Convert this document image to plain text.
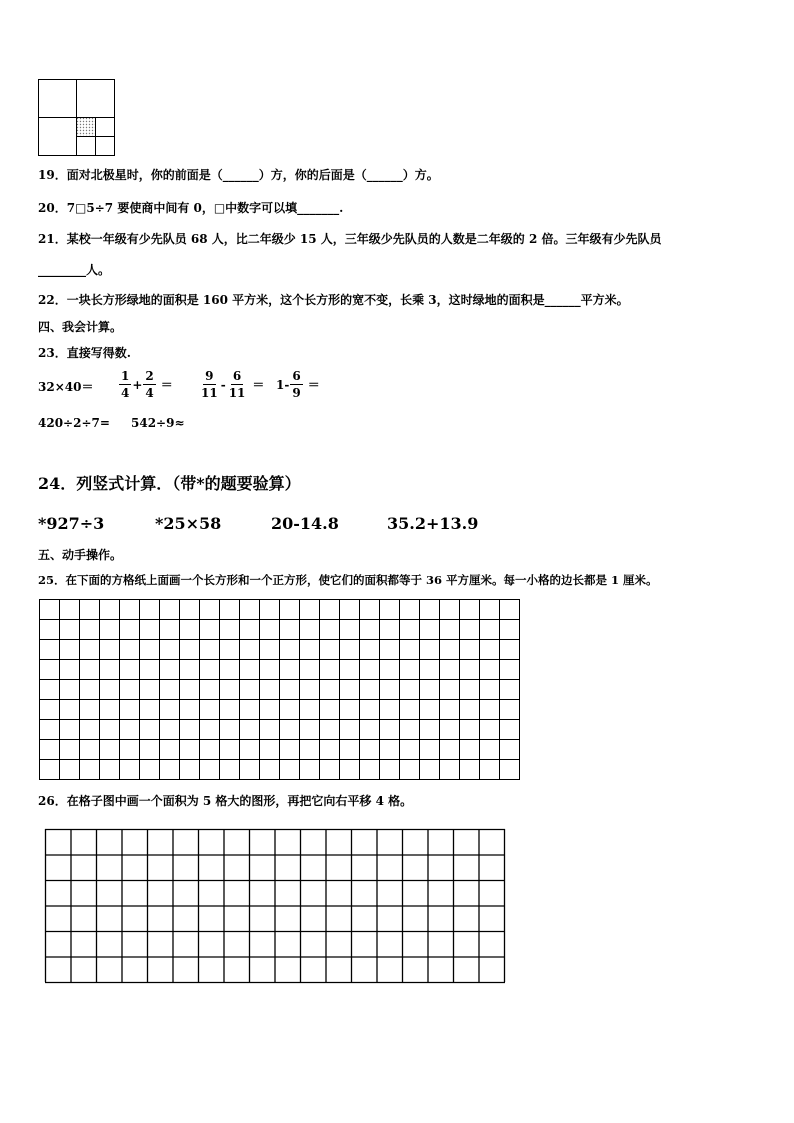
19．面对北极星时，你的前面是（______）方，你的后面是（______）方。
20．7□5÷7 要使商中间有 0，□中数字可以填_______.
21．某校一年级有少先队员 68 人，比二年级少 15 人，三年级少先队员的人数是二年级的 2 倍。三年级有少先队员
________人。
22．一块长方形绿地的面积是 160 平方米，这个长方形的宽不变，长乘 3，这时绿地的面积是______平方米。
四、我会计算。
23．直接写得数.
$32\times 40= \frac{1}{4} + \frac{2}{4} = \frac{9}{11} - \frac{6}{11} = 1- \frac{6}{9}$ ＝
420÷2÷7= 542÷9≈
24．列竖式计算．（带*的题要验算）
*927÷3	*25×58	20-14.8	35.2+13.9
五、动手操作。
25．在下面的方格纸上面画一个长方形和一个正方形，使它们的面积都等于 36 平方厘米。每一小格的边长都是 1 厘米。
26．在格子图中画一个面积为 5 格大的图形，再把它向右平移 4 格。
